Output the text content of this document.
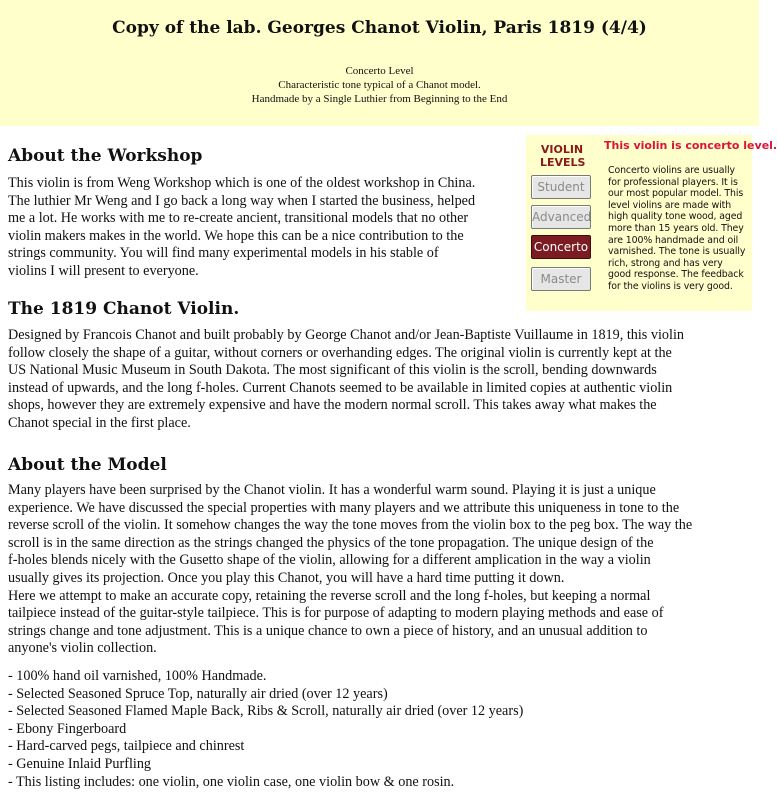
Copy of the lab. Georges Chanot Violin, Paris 1819 (4/4)
Concerto Level
Characteristic tone typical of a Chanot model.
Handmade by a Single Luthier from Beginning to the End
VIOLIN
LEVELS
Student
Advanced
Concerto
Master
This violin is concerto level.
Concerto violins are usually
for professional players. It is
our most popular model. This
level violins are made with
high quality tone wood, aged
more than 15 years old. They
are 100% handmade and oil
varnished. The tone is usually
rich, strong and has very
good response. The feedback
for the violins is very good.
About the Workshop
This violin is from Weng Workshop which is one of the oldest workshop in China.
The luthier Mr Weng and I go back a long way when I started the business, helped
me a lot. He works with me to re-create ancient, transitional models that no other
violin makers makes in the world. We hope this can be a nice contribution to the
strings community. You will find many experimental models in his stable of
violins I will present to everyone.
The 1819 Chanot Violin.
Designed by Francois Chanot and built probably by George Chanot and/or Jean-Baptiste Vuillaume in 1819, this violin
follow closely the shape of a guitar, without corners or overhanding edges. The original violin is currently kept at the
US National Music Museum in South Dakota. The most significant of this violin is the scroll, bending downwards
instead of upwards, and the long f-holes. Current Chanots seemed to be available in limited copies at authentic violin
shops, however they are extremely expensive and have the modern normal scroll. This takes away what makes the
Chanot special in the first place.
About the Model
Many players have been surprised by the Chanot violin. It has a wonderful warm sound. Playing it is just a unique
experience. We have discussed the special properties with many players and we attribute this uniqueness in tone to the
reverse scroll of the violin. It somehow changes the way the tone moves from the violin box to the peg box. The way the
scroll is in the same direction as the strings changed the physics of the tone propagation. The unique design of the
f-holes blends nicely with the Gusetto shape of the violin, allowing for a different amplication in the way a violin
usually gives its projection. Once you play this Chanot, you will have a hard time putting it down.
Here we attempt to make an accurate copy, retaining the reverse scroll and the long f-holes, but keeping a normal
tailpiece instead of the guitar-style tailpiece. This is for purpose of adapting to modern playing methods and ease of
strings change and tone adjustment. This is a unique chance to own a piece of history, and an unusual addition to
anyone's violin collection.
- 100% hand oil varnished, 100% Handmade.
- Selected Seasoned Spruce Top, naturally air dried (over 12 years)
- Selected Seasoned Flamed Maple Back, Ribs & Scroll, naturally air dried (over 12 years)
- Ebony Fingerboard
- Hard-carved pegs, tailpiece and chinrest
- Genuine Inlaid Purfling
- This listing includes: one violin, one violin case, one violin bow & one rosin.
